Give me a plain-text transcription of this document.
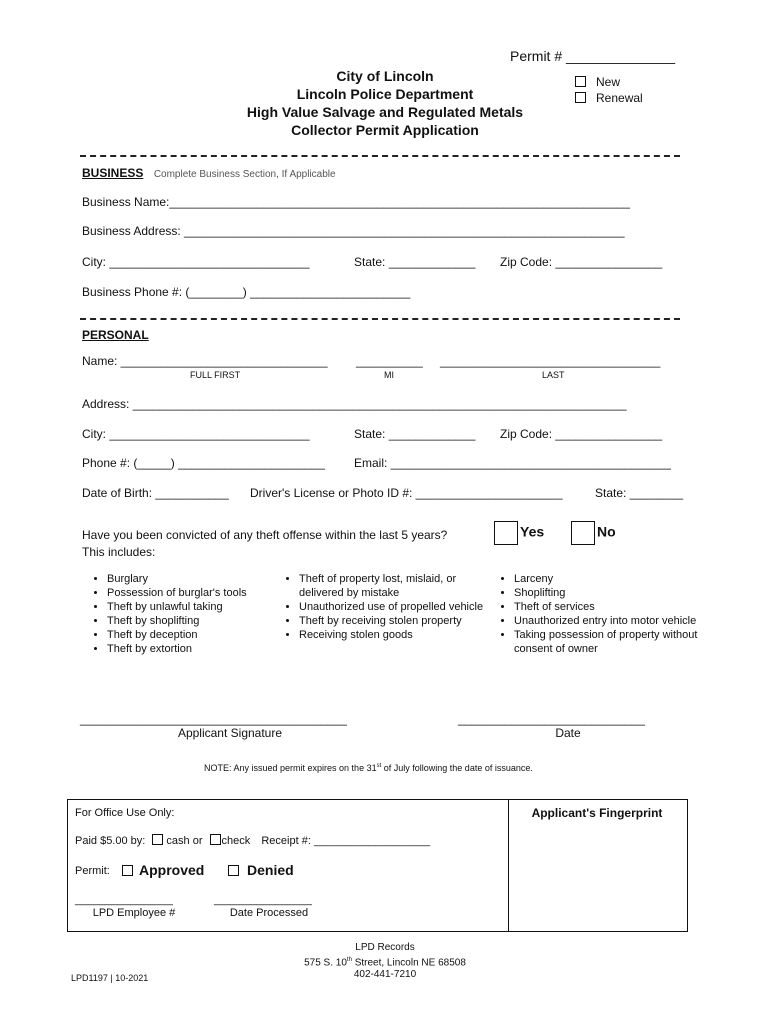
Permit # ______________
City of Lincoln
Lincoln Police Department
High Value Salvage and Regulated Metals
Collector Permit Application
New
Renewal
BUSINESS Complete Business Section, If Applicable
Business Name:_____________________________________________________________________
Business Address: __________________________________________________________________
City: ______________________________	State: _____________ Zip Code: ________________
Business Phone #: (________) ________________________
PERSONAL
Name: _______________________________ __________ _________________________________
FULL FIRST	MI	LAST
Address: __________________________________________________________________________
City: ______________________________	State: _____________ Zip Code: ________________
Phone #: (_____) ______________________ Email: __________________________________________
Date of Birth: ___________ Driver's License or Photo ID #: ______________________	State: ________
Have you been convicted of any theft offense within the last 5 years?
This includes:
Yes	No
• Burglary
• Possession of burglar's tools
• Theft by unlawful taking
• Theft by shoplifting
• Theft by deception
• Theft by extortion
• Theft of property lost, mislaid, or delivered by mistake
• Unauthorized use of propelled vehicle
• Theft by receiving stolen property
• Receiving stolen goods
• Larceny
• Shoplifting
• Theft of services
• Unauthorized entry into motor vehicle
• Taking possession of property without consent of owner
________________________________________
Applicant Signature
____________________________
Date
NOTE: Any issued permit expires on the 31st of July following the date of issuance.
For Office Use Only:	Applicant's Fingerprint
Paid $5.00 by: cash or check Receipt #: ___________________
Permit:	Approved	Denied
________________
LPD Employee #
________________
Date Processed
LPD Records
575 S. 10th Street, Lincoln NE 68508
402-441-7210
LPD1197 | 10-2021
